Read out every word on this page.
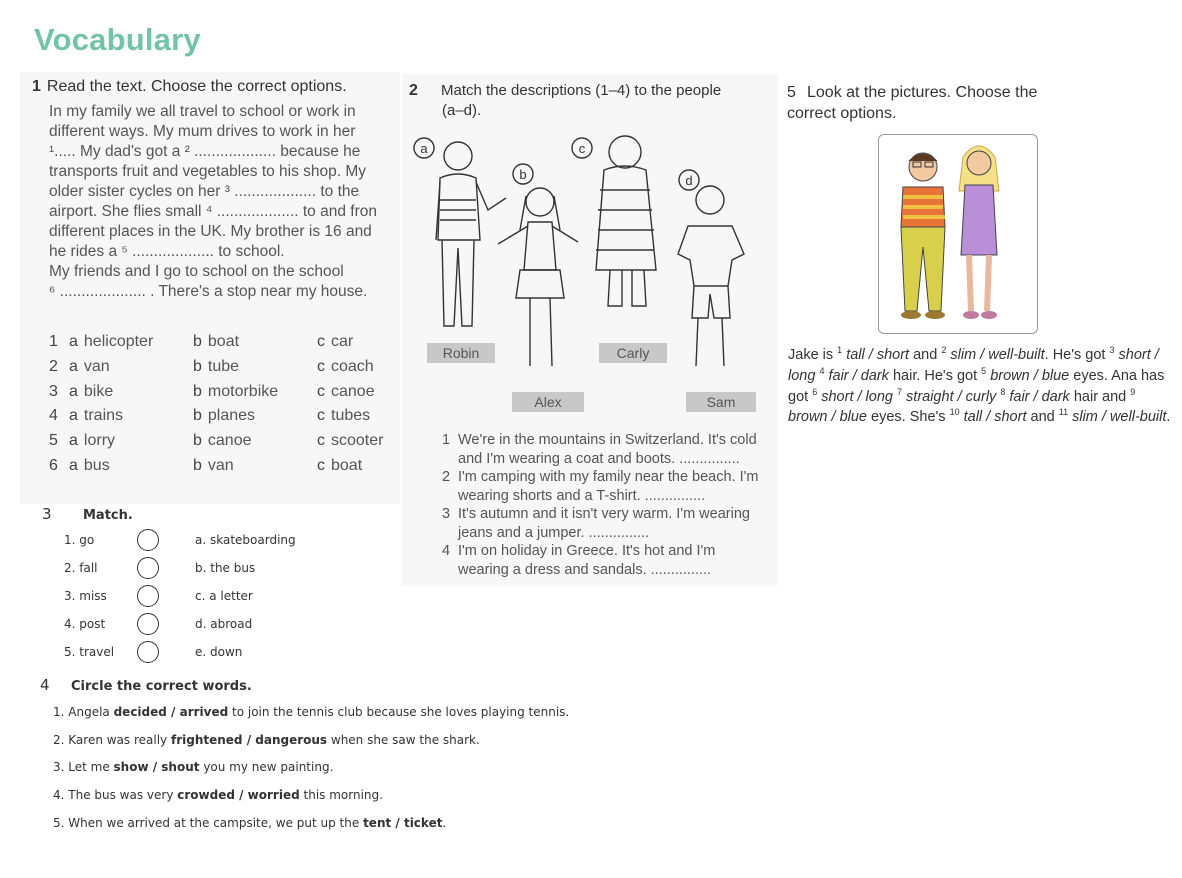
Vocabulary
1 Read the text. Choose the correct options.
In my family we all travel to school or work in
different ways. My mum drives to work in her
¹..... My dad's got a ² ................... because he
transports fruit and vegetables to his shop. My
older sister cycles on her ³ ................... to the
airport. She flies small ⁴ ................... to and fron
different places in the UK. My brother is 16 and
he rides a ⁵ ................... to school.
My friends and I go to school on the school
⁶ .................... . There's a stop near my house.
1 a helicopter	b boat	c car
2 a van	b tube	c coach
3 a bike	b motorbike	c canoe
4 a trains	b planes	c tubes
5 a lorry	b canoe	c scooter
6 a bus	b van	c boat
2 Match the descriptions (1–4) to the people
(a–d).
a
b
c
d
Robin	Carly
Alex	Sam
1 We're in the mountains in Switzerland. It's cold
and I'm wearing a coat and boots. ...............
2 I'm camping with my family near the beach. I'm
wearing shorts and a T-shirt. ...............
3 It's autumn and it isn't very warm. I'm wearing
jeans and a jumper. ...............
4 I'm on holiday in Greece. It's hot and I'm
wearing a dress and sandals. ...............
3 Match.
1. go	a. skateboarding
2. fall	b. the bus
3. miss	c. a letter
4. post	d. abroad
5. travel	e. down
4 Circle the correct words.
1. Angela decided / arrived to join the tennis club because she loves playing tennis.
2. Karen was really frightened / dangerous when she saw the shark.
3. Let me show / shout you my new painting.
4. The bus was very crowded / worried this morning.
5. When we arrived at the campsite, we put up the tent / ticket.
5 Look at the pictures. Choose the
correct options.
Jake is $^1$ tall / short and $^2$ slim / well-built. He's got $^3$ short / long $^4$ fair / dark hair. He's got $^5$ brown / blue eyes. Ana has got $^6$ short / long $^7$ straight / curly $^8$ fair / dark hair and $^9$ brown / blue eyes. She's $^{10}$ tall / short and $^{11}$ slim / well-built.
